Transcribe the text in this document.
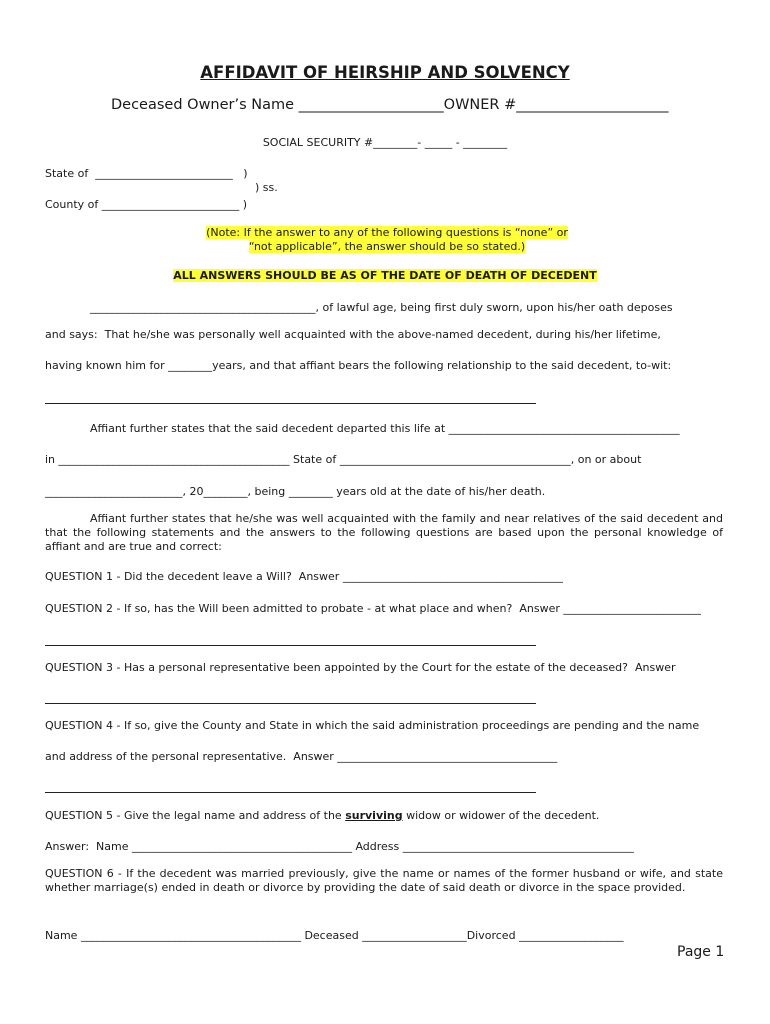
AFFIDAVIT OF HEIRSHIP AND SOLVENCY
Deceased Owner’s Name ____________________OWNER #_____________________
SOCIAL SECURITY #________- _____ - ________
State of  _________________________   )
) ss.
County of _________________________ )
(Note: If the answer to any of the following questions is “none” or “not applicable”, the answer should be so stated.)
ALL ANSWERS SHOULD BE AS OF THE DATE OF DEATH OF DECEDENT
_________________________________________, of lawful age, being first duly sworn, upon his/her oath deposes
and says:  That he/she was personally well acquainted with the above-named decedent, during his/her lifetime,
having known him for ________years, and that affiant bears the following relationship to the said decedent, to-wit:
Affiant further states that the said decedent departed this life at __________________________________________
in __________________________________________ State of __________________________________________, on or about
_________________________, 20________, being ________ years old at the date of his/her death.
Affiant further states that he/she was well acquainted with the family and near relatives of the said decedent and that the following statements and the answers to the following questions are based upon the personal knowledge of affiant and are true and correct:
QUESTION 1 - Did the decedent leave a Will?  Answer ________________________________________
QUESTION 2 - If so, has the Will been admitted to probate - at what place and when?  Answer _________________________
QUESTION 3 - Has a personal representative been appointed by the Court for the estate of the deceased?  Answer
QUESTION 4 - If so, give the County and State in which the said administration proceedings are pending and the name
and address of the personal representative.  Answer ________________________________________
QUESTION 5 - Give the legal name and address of the surviving widow or widower of the decedent.
Answer:  Name ________________________________________ Address __________________________________________
QUESTION 6 - If the decedent was married previously, give the name or names of the former husband or wife, and state whether marriage(s) ended in death or divorce by providing the date of said death or divorce in the space provided.
Name ________________________________________ Deceased ___________________Divorced ___________________
Page 1
